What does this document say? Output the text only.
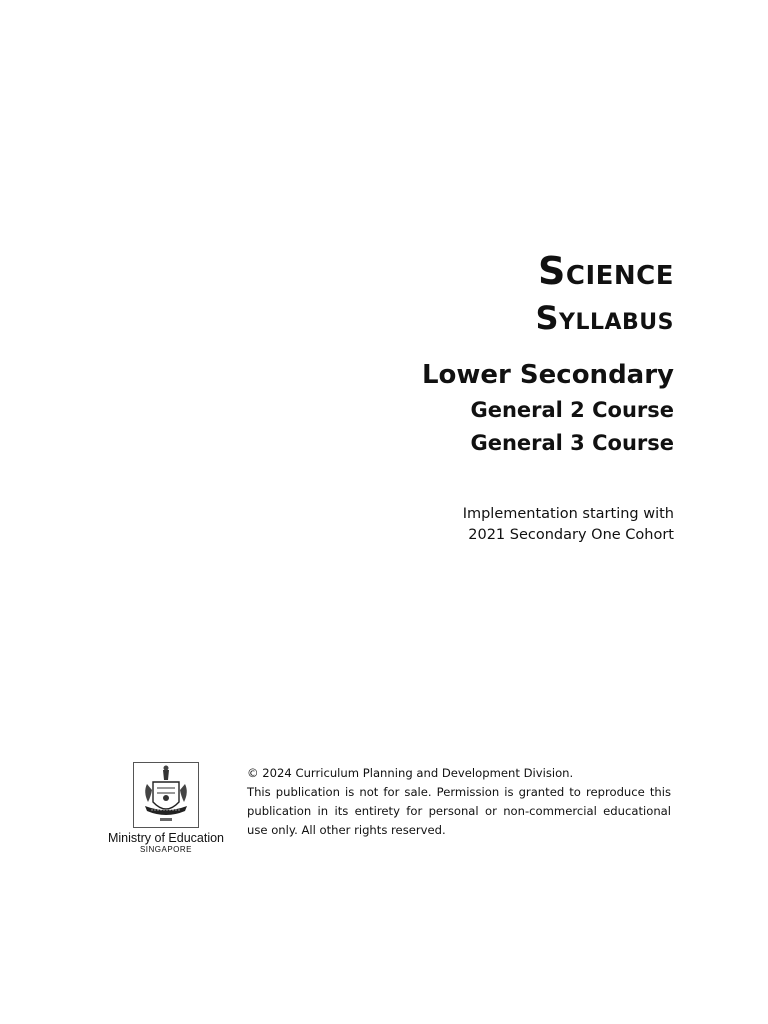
SCIENCE
SYLLABUS
Lower Secondary
General 2 Course
General 3 Course
Implementation starting with
2021 Secondary One Cohort
Ministry of Education
SINGAPORE

© 2024 Curriculum Planning and Development Division.

This publication is not for sale. Permission is granted to reproduce this publication in its entirety for personal or non-commercial educational use only. All other rights reserved.
